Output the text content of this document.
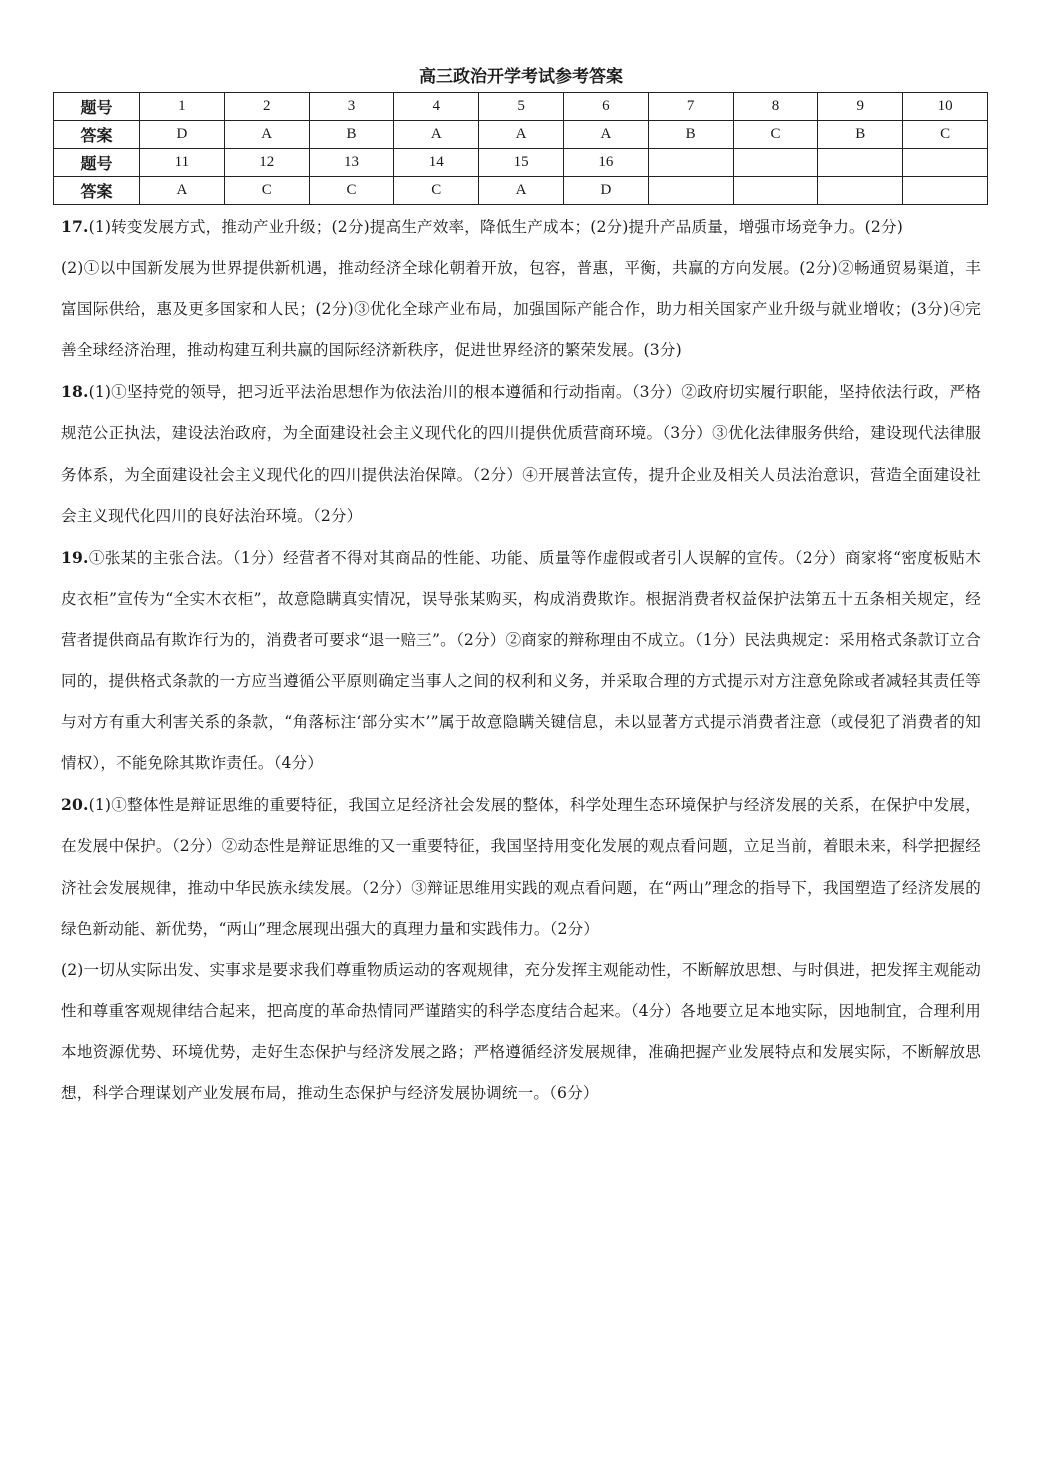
高三政治开学考试参考答案
题号	1	2	3	4	5	6	7	8	9	10
答案	D	A	B	A	A	A	B	C	B	C
题号	11	12	13	14	15	16				
答案	A	C	C	C	A	D				

17.(1)转变发展方式，推动产业升级；(2分)提高生产效率，降低生产成本；(2分)提升产品质量，增强市场竞争力。(2分)

(2)①以中国新发展为世界提供新机遇，推动经济全球化朝着开放，包容，普惠，平衡，共赢的方向发展。(2分)②畅通贸易渠道，丰富国际供给，惠及更多国家和人民；(2分)③优化全球产业布局，加强国际产能合作，助力相关国家产业升级与就业增收；(3分)④完善全球经济治理，推动构建互利共赢的国际经济新秩序，促进世界经济的繁荣发展。(3分)

18.(1)①坚持党的领导，把习近平法治思想作为依法治川的根本遵循和行动指南。（3分）②政府切实履行职能，坚持依法行政，严格规范公正执法，建设法治政府，为全面建设社会主义现代化的四川提供优质营商环境。（3分）③优化法律服务供给，建设现代法律服务体系，为全面建设社会主义现代化的四川提供法治保障。（2分）④开展普法宣传，提升企业及相关人员法治意识，营造全面建设社会主义现代化四川的良好法治环境。（2分）

19.①张某的主张合法。（1分）经营者不得对其商品的性能、功能、质量等作虚假或者引人误解的宣传。（2分）商家将“密度板贴木皮衣柜”宣传为“全实木衣柜”，故意隐瞒真实情况，误导张某购买，构成消费欺诈。根据消费者权益保护法第五十五条相关规定，经营者提供商品有欺诈行为的，消费者可要求“退一赔三”。（2分）②商家的辩称理由不成立。（1分）民法典规定：采用格式条款订立合同的，提供格式条款的一方应当遵循公平原则确定当事人之间的权利和义务，并采取合理的方式提示对方注意免除或者减轻其责任等与对方有重大利害关系的条款，“角落标注‘部分实木’”属于故意隐瞒关键信息，未以显著方式提示消费者注意（或侵犯了消费者的知情权），不能免除其欺诈责任。（4分）

20.(1)①整体性是辩证思维的重要特征，我国立足经济社会发展的整体，科学处理生态环境保护与经济发展的关系，在保护中发展，在发展中保护。（2分）②动态性是辩证思维的又一重要特征，我国坚持用变化发展的观点看问题，立足当前，着眼未来，科学把握经济社会发展规律，推动中华民族永续发展。（2分）③辩证思维用实践的观点看问题，在“两山”理念的指导下，我国塑造了经济发展的绿色新动能、新优势，“两山”理念展现出强大的真理力量和实践伟力。（2分）

(2)一切从实际出发、实事求是要求我们尊重物质运动的客观规律，充分发挥主观能动性，不断解放思想、与时俱进，把发挥主观能动性和尊重客观规律结合起来，把高度的革命热情同严谨踏实的科学态度结合起来。（4分）各地要立足本地实际，因地制宜，合理利用本地资源优势、环境优势，走好生态保护与经济发展之路；严格遵循经济发展规律，准确把握产业发展特点和发展实际，不断解放思想，科学合理谋划产业发展布局，推动生态保护与经济发展协调统一。（6分）
